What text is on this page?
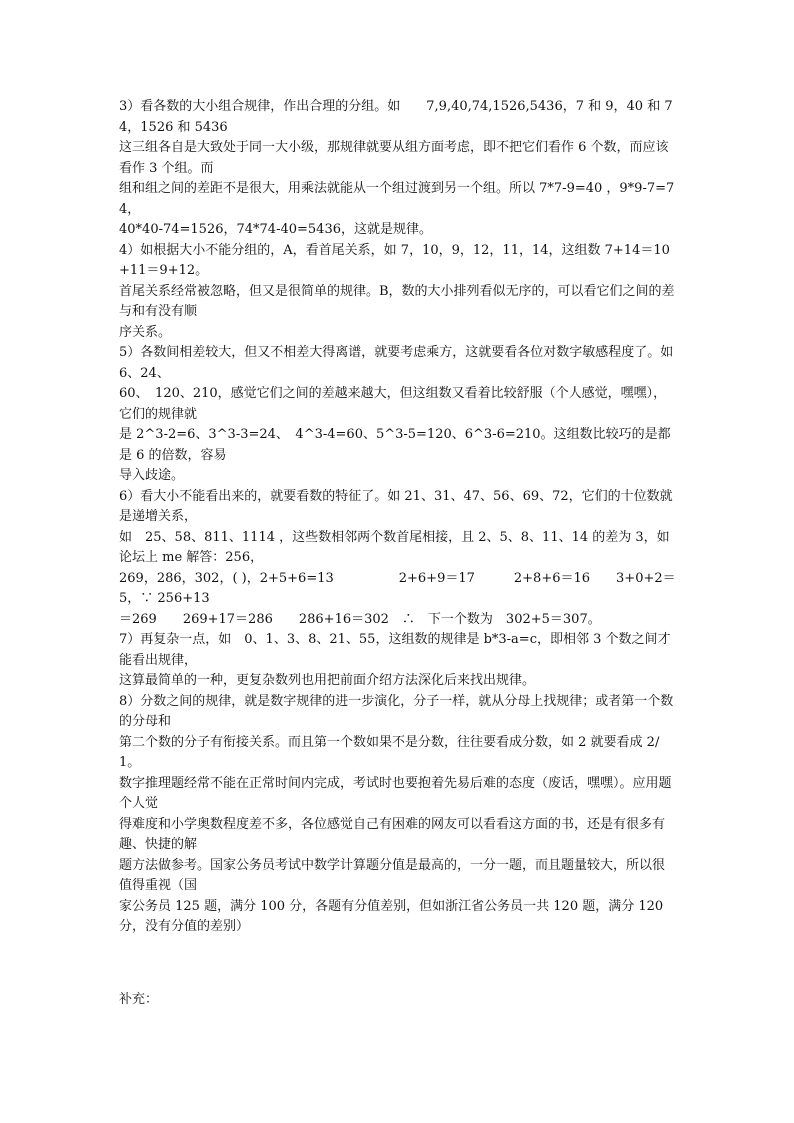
3）看各数的大小组合规律，作出合理的分组。如　　7,9,40,74,1526,5436，7 和 9，40 和 74，1526 和 5436

这三组各自是大致处于同一大小级，那规律就要从组方面考虑，即不把它们看作 6 个数，而应该看作 3 个组。而

组和组之间的差距不是很大，用乘法就能从一个组过渡到另一个组。所以 7*7-9=40 ，9*9-7=74，

40*40-74=1526，74*74-40=5436，这就是规律。

4）如根据大小不能分组的，A，看首尾关系，如 7，10，9，12，11，14，这组数 7+14＝10+11＝9+12。

首尾关系经常被忽略，但又是很简单的规律。B，数的大小排列看似无序的，可以看它们之间的差与和有没有顺

序关系。

5）各数间相差较大，但又不相差大得离谱，就要考虑乘方，这就要看各位对数字敏感程度了。如 6、24、

60、　120、210，感觉它们之间的差越来越大，但这组数又看着比较舒服（个人感觉，嘿嘿），它们的规律就

是 2^3-2=6、3^3-3=24、　4^3-4=60、5^3-5=120、6^3-6=210。这组数比较巧的是都是 6 的倍数，容易

导入歧途。

6）看大小不能看出来的，就要看数的特征了。如 21、31、47、56、69、72，它们的十位数就是递增关系，

如　25、58、811、1114 ，这些数相邻两个数首尾相接，且 2、5、8、11、14 的差为 3，如论坛上 me 解答：256，

269，286，302，( )，2+5+6=13　　　　　2+6+9＝17　　　2+8+6＝16　　3+0+2＝5，∵ 256+13

＝269　　269+17＝286　　286+16＝302　∴　下一个数为　302+5＝307。

7）再复杂一点，如　0、1、3、8、21、55，这组数的规律是 b*3-a=c，即相邻 3 个数之间才能看出规律，

这算最简单的一种，更复杂数列也用把前面介绍方法深化后来找出规律。

8）分数之间的规律，就是数字规律的进一步演化，分子一样，就从分母上找规律；或者第一个数的分母和

第二个数的分子有衔接关系。而且第一个数如果不是分数，往往要看成分数，如 2 就要看成 2/1。

数字推理题经常不能在正常时间内完成，考试时也要抱着先易后难的态度（废话，嘿嘿）。应用题个人觉

得难度和小学奥数程度差不多，各位感觉自己有困难的网友可以看看这方面的书，还是有很多有趣、快捷的解

题方法做参考。国家公务员考试中数学计算题分值是最高的，一分一题，而且题量较大，所以很值得重视（国

家公务员 125 题，满分 100 分，各题有分值差别，但如浙江省公务员一共 120 题，满分 120 分，没有分值的差别）

补充：
